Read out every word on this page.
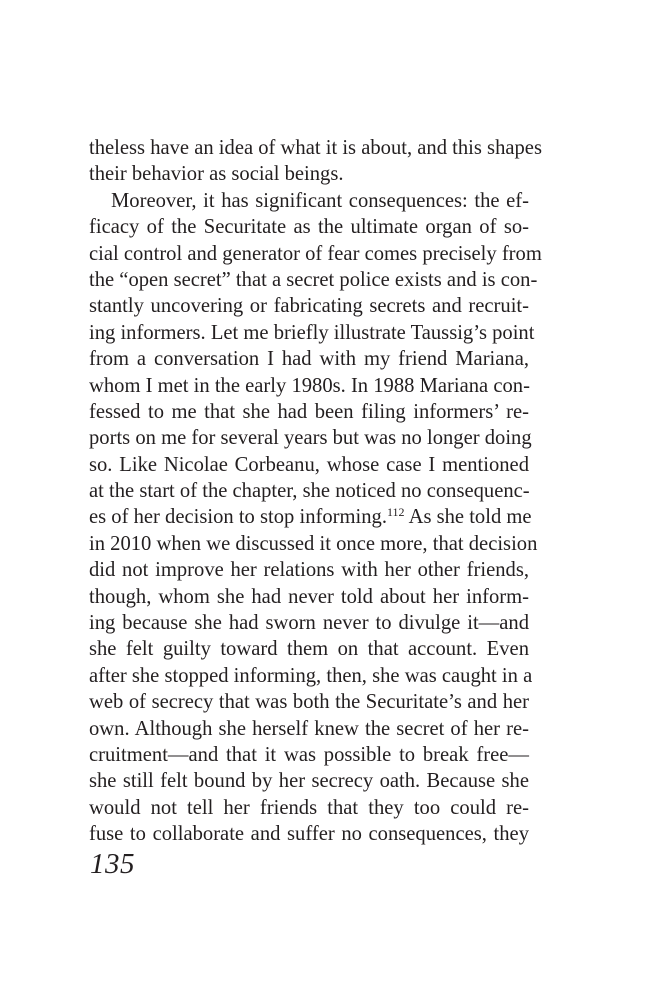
theless have an idea of what it is about, and this shapes
their behavior as social beings.
Moreover, it has significant consequences: the ef-
ficacy of the Securitate as the ultimate organ of so-
cial control and generator of fear comes precisely from
the “open secret” that a secret police exists and is con-
stantly uncovering or fabricating secrets and recruit-
ing informers. Let me briefly illustrate Taussig’s point
from a conversation I had with my friend Mariana,
whom I met in the early 1980s. In 1988 Mariana con-
fessed to me that she had been filing informers’ re-
ports on me for several years but was no longer doing
so. Like Nicolae Corbeanu, whose case I mentioned
at the start of the chapter, she noticed no consequenc-
es of her decision to stop informing.$^{112}$ As she told me
in 2010 when we discussed it once more, that decision
did not improve her relations with her other friends,
though, whom she had never told about her inform-
ing because she had sworn never to divulge it—and
she felt guilty toward them on that account. Even
after she stopped informing, then, she was caught in a
web of secrecy that was both the Securitate’s and her
own. Although she herself knew the secret of her re-
cruitment—and that it was possible to break free—
she still felt bound by her secrecy oath. Because she
would not tell her friends that they too could re-
fuse to collaborate and suffer no consequences, they
135
